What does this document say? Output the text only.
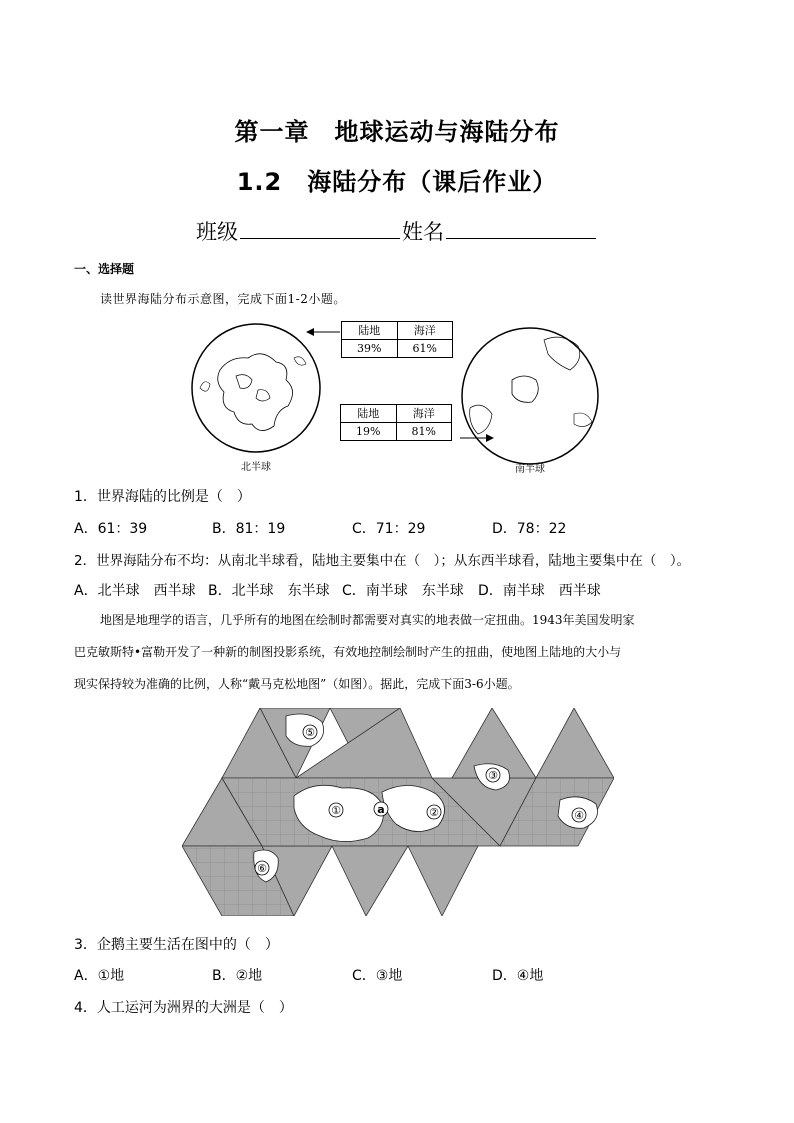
第一章　地球运动与海陆分布
1.2　海陆分布（课后作业）
班级	姓名
一、选择题
读世界海陆分布示意图，完成下面1-2小题。
北半球	南半球
陆地	海洋
39%	61%
陆地	海洋
19%	81%
1．世界海陆的比例是（　）
A．61：39	B．81：19	C．71：29	D．78：22
2．世界海陆分布不均：从南北半球看，陆地主要集中在（　）；从东西半球看，陆地主要集中在（　）。
A．北半球　西半球 B．北半球　东半球 C．南半球　东半球 D．南半球　西半球
地图是地理学的语言，几乎所有的地图在绘制时都需要对真实的地表做一定扭曲。1943年美国发明家
巴克敏斯特•富勒开发了一种新的制图投影系统，有效地控制绘制时产生的扭曲，使地图上陆地的大小与
现实保持较为准确的比例，人称“戴马克松地图”（如图）。据此，完成下面3-6小题。
⑤
①	a	②
③
④
⑥
3．企鹅主要生活在图中的（　）
A．①地	B．②地	C．③地	D．④地
4．人工运河为洲界的大洲是（　）
